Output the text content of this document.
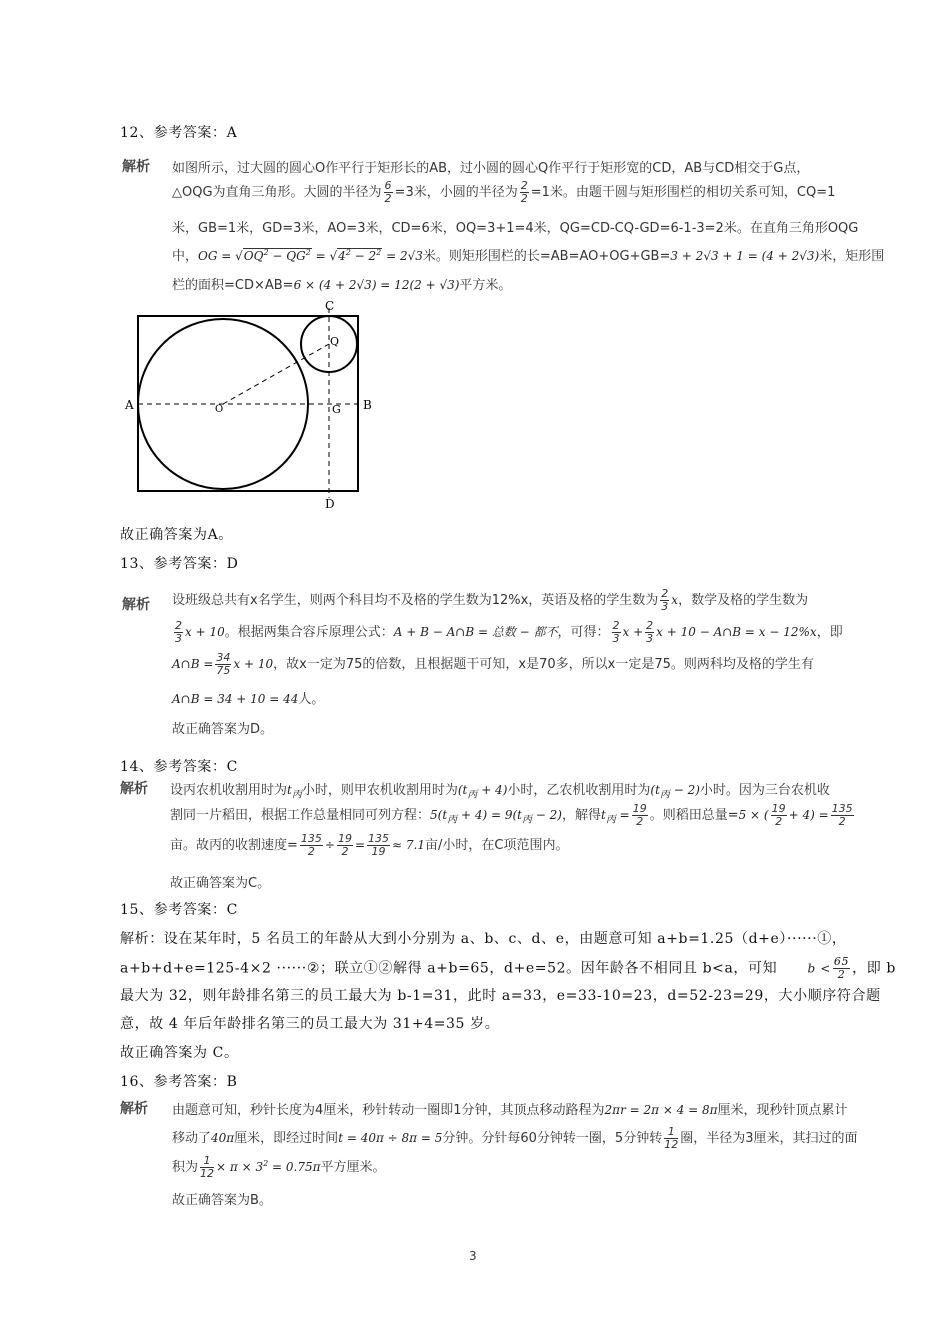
12、参考答案：A
解析 如图所示，过大圆的圆心O作平行于矩形长的AB，过小圆的圆心Q作平行于矩形宽的CD，AB与CD相交于G点，
△OQG为直角三角形。大圆的半径为 $\frac{6}{2} =3$米，小圆的半径为 $\frac{2}{2} =1$米。由题干圆与矩形围栏的相切关系可知，CQ=1
米，GB=1米，GD=3米，AO=3米，CD=6米，OQ=3+1=4米，QG=CD-CQ-GD=6-1-3=2米。在直角三角形OQG
中，OG = $√OQ^2 - QG^2 = √4^2 - 2^2 = 2√3$米。则矩形围栏的长=AB=AO+OG+GB=3 + 2√3 + 1 = (4 + 2√3)米，矩形围
栏的面积=CD×AB=6 × (4 + 2√3) = 12(2 + √3)平方米。
A	B
C
D
O
Q
G
故正确答案为A。
13、参考答案：D
解析 设班级总共有x名学生，则两个科目均不及格的学生数为12%x，英语及格的学生数为 $\frac{2}{3}$ x，数学及格的学生数为
$\frac{2}{3}$ x + 10。根据两集合容斥原理公式：A + B − A∩B = 总数 − 都不，可得： $\frac{2}{3}$ $x + \frac{2}{3}$ x + 10 − A∩B = x − 12%x，即
A∩B = $\frac{34}{75}$ x + 10，故x一定为75的倍数，且根据题干可知，x是70多，所以x一定是75。则两科均及格的学生有
A∩B = 34 + 10 = 44人。
故正确答案为D。
14、参考答案：C
解析 设丙农机收割用时为$t_丙$小时，则甲农机收割用时为$(t_丙 + 4)$小时，乙农机收割用时为$(t_丙 - 2)$小时。因为三台农机收
割同一片稻田，根据工作总量相同可列方程：$5(t_丙 + 4) = 9(t_丙 - 2)$，解得$t_丙 = \frac{19}{2}$ 。则稻田总量=5 × ( $\frac{19}{2} + 4) = \frac{135}{2}$
亩。故丙的收割速度= $\frac{135}{2} \div \frac{19}{2} = \frac{135}{19} \approx 7.1$亩/小时，在C项范围内。
故正确答案为C。
15、参考答案：C
解析：设在某年时，5 名员工的年龄从大到小分别为 a、b、c、d、e，由题意可知 a+b=1.25（d+e）······①，
a+b+d+e=125-4×2 ······②；联立①②解得 a+b=65，d+e=52。因年龄各不相同且 b<a，可知	$b < \frac{65}{2}$ ，即 b
最大为 32，则年龄排名第三的员工最大为 b-1=31，此时 a=33，e=33-10=23，d=52-23=29，大小顺序符合题
意，故 4 年后年龄排名第三的员工最大为 31+4=35 岁。
故正确答案为 C。
16、参考答案：B
解析 由题意可知，秒针长度为4厘米，秒针转动一圈即1分钟，其顶点移动路程为2πr = 2π × 4 = 8π厘米，现秒针顶点累计
移动了40π厘米，即经过时间t = 40π ÷ 8π = 5分钟。分针每60分钟转一圈，5分钟转 $\frac{1}{12}$ 圈，半径为3厘米，其扫过的面
积为 $\frac{1}{12} \times \pi \times 3^2 = 0.75\pi$平方厘米。
故正确答案为B。
3
